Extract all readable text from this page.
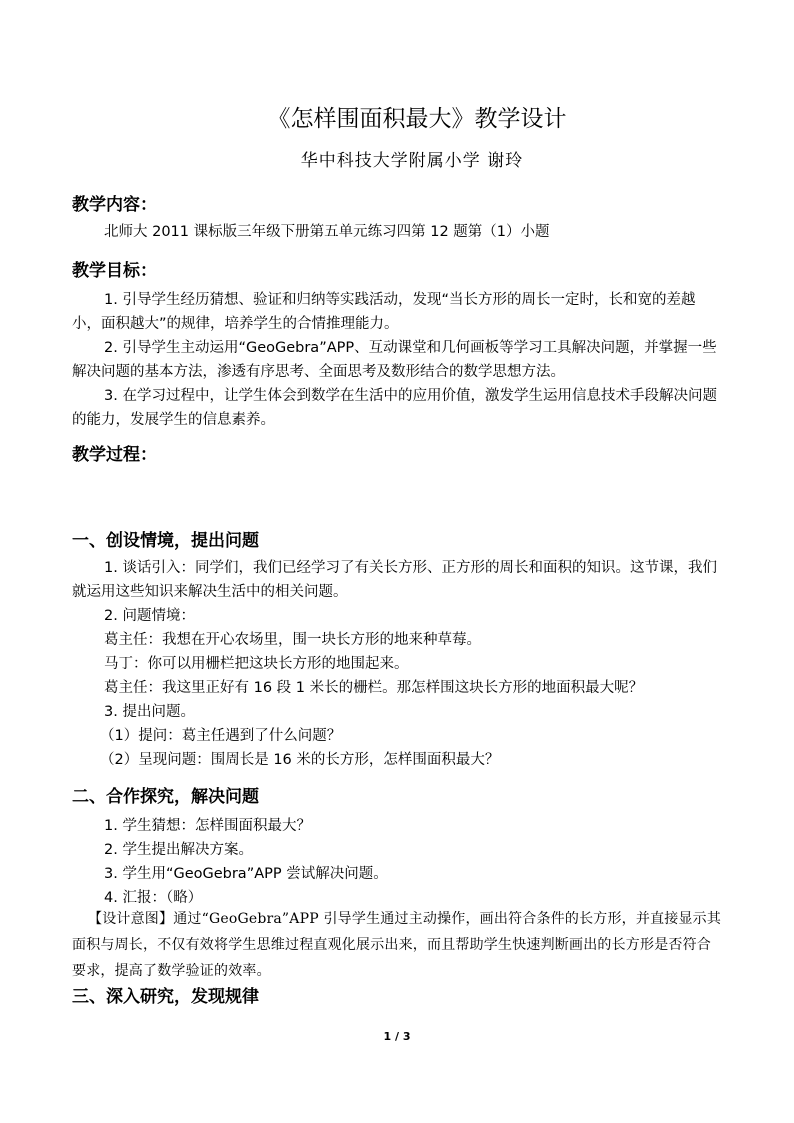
《怎样围面积最大》教学设计
华中科技大学附属小学 谢玲
教学内容：
北师大 2011 课标版三年级下册第五单元练习四第 12 题第（1）小题
教学目标：
1. 引导学生经历猜想、验证和归纳等实践活动，发现“当长方形的周长一定时，长和宽的差越小，面积越大”的规律，培养学生的合情推理能力。
2. 引导学生主动运用“GeoGebra”APP、互动课堂和几何画板等学习工具解决问题，并掌握一些解决问题的基本方法，渗透有序思考、全面思考及数形结合的数学思想方法。
3. 在学习过程中，让学生体会到数学在生活中的应用价值，激发学生运用信息技术手段解决问题的能力，发展学生的信息素养。
教学过程：
一、创设情境，提出问题
1. 谈话引入：同学们，我们已经学习了有关长方形、正方形的周长和面积的知识。这节课，我们就运用这些知识来解决生活中的相关问题。
2. 问题情境：
葛主任：我想在开心农场里，围一块长方形的地来种草莓。
马丁：你可以用栅栏把这块长方形的地围起来。
葛主任：我这里正好有 16 段 1 米长的栅栏。那怎样围这块长方形的地面积最大呢？
3. 提出问题。
（1）提问：葛主任遇到了什么问题？
（2）呈现问题：围周长是 16 米的长方形，怎样围面积最大？
二、合作探究，解决问题
1. 学生猜想：怎样围面积最大？
2. 学生提出解决方案。
3. 学生用“GeoGebra”APP 尝试解决问题。
4. 汇报：（略）
【设计意图】通过“GeoGebra”APP 引导学生通过主动操作，画出符合条件的长方形，并直接显示其面积与周长，不仅有效将学生思维过程直观化展示出来，而且帮助学生快速判断画出的长方形是否符合要求，提高了数学验证的效率。
三、深入研究，发现规律
1 / 3
